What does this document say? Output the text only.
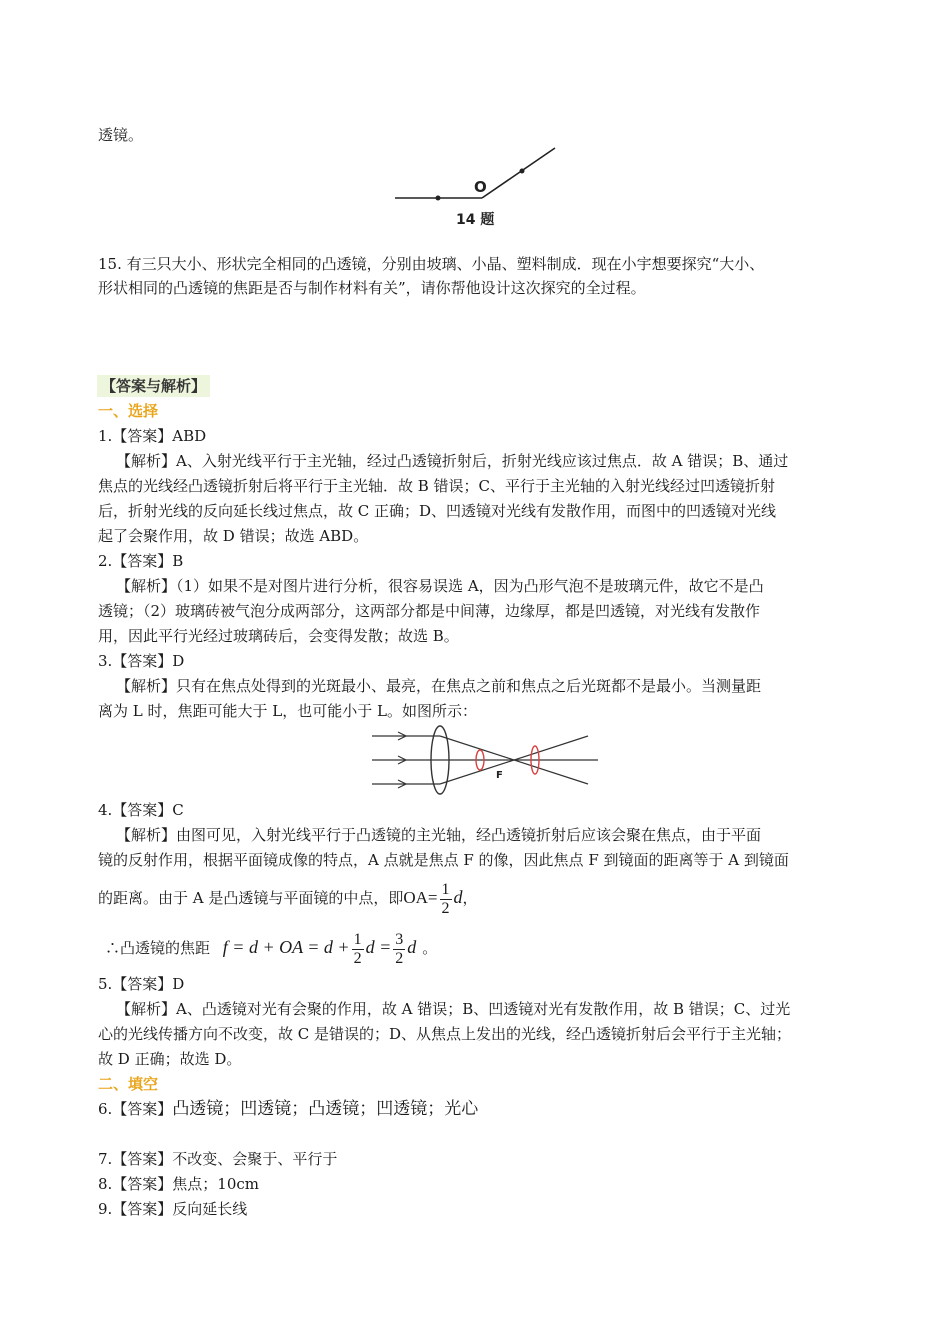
透镜。
O
14 题
15. 有三只大小、形状完全相同的凸透镜，分别由坡璃、小晶、塑料制成．现在小宇想要探究“大小、
形状相同的凸透镜的焦距是否与制作材料有关”，请你帮他设计这次探究的全过程。
【答案与解析】
一、选择
1.【答案】ABD
【解析】A、入射光线平行于主光轴，经过凸透镜折射后，折射光线应该过焦点．故 A 错误；B、通过
焦点的光线经凸透镜折射后将平行于主光轴．故 B 错误；C、平行于主光轴的入射光线经过凹透镜折射
后，折射光线的反向延长线过焦点，故 C 正确；D、凹透镜对光线有发散作用，而图中的凹透镜对光线
起了会聚作用，故 D 错误；故选 ABD。
2.【答案】B
【解析】（1）如果不是对图片进行分析，很容易误选 A，因为凸形气泡不是玻璃元件，故它不是凸
透镜；（2）玻璃砖被气泡分成两部分，这两部分都是中间薄，边缘厚，都是凹透镜，对光线有发散作
用，因此平行光经过玻璃砖后，会变得发散；故选 B。
3.【答案】D
【解析】只有在焦点处得到的光斑最小、最亮，在焦点之前和焦点之后光斑都不是最小。当测量距
离为 L 时，焦距可能大于 L，也可能小于 L。如图所示：
F
4.【答案】C
【解析】由图可见，入射光线平行于凸透镜的主光轴，经凸透镜折射后应该会聚在焦点，由于平面
镜的反射作用，根据平面镜成像的特点，A 点就是焦点 F 的像，因此焦点 F 到镜面的距离等于 A 到镜面
的距离。由于 A 是凸透镜与平面镜的中点，即$OA= \frac{1}{2}$ d，
∴凸透镜的焦距 f = d + OA = $d + \frac{1}{2}$ $d = \frac{3}{2}$ d 。
5.【答案】D
【解析】A、凸透镜对光有会聚的作用，故 A 错误；B、凹透镜对光有发散作用，故 B 错误；C、过光
心的光线传播方向不改变，故 C 是错误的；D、从焦点上发出的光线，经凸透镜折射后会平行于主光轴；
故 D 正确；故选 D。
二、填空
6.【答案】凸透镜；凹透镜；凸透镜；凹透镜；光心
7.【答案】不改变、会聚于、平行于
8.【答案】焦点；10cm
9.【答案】反向延长线
